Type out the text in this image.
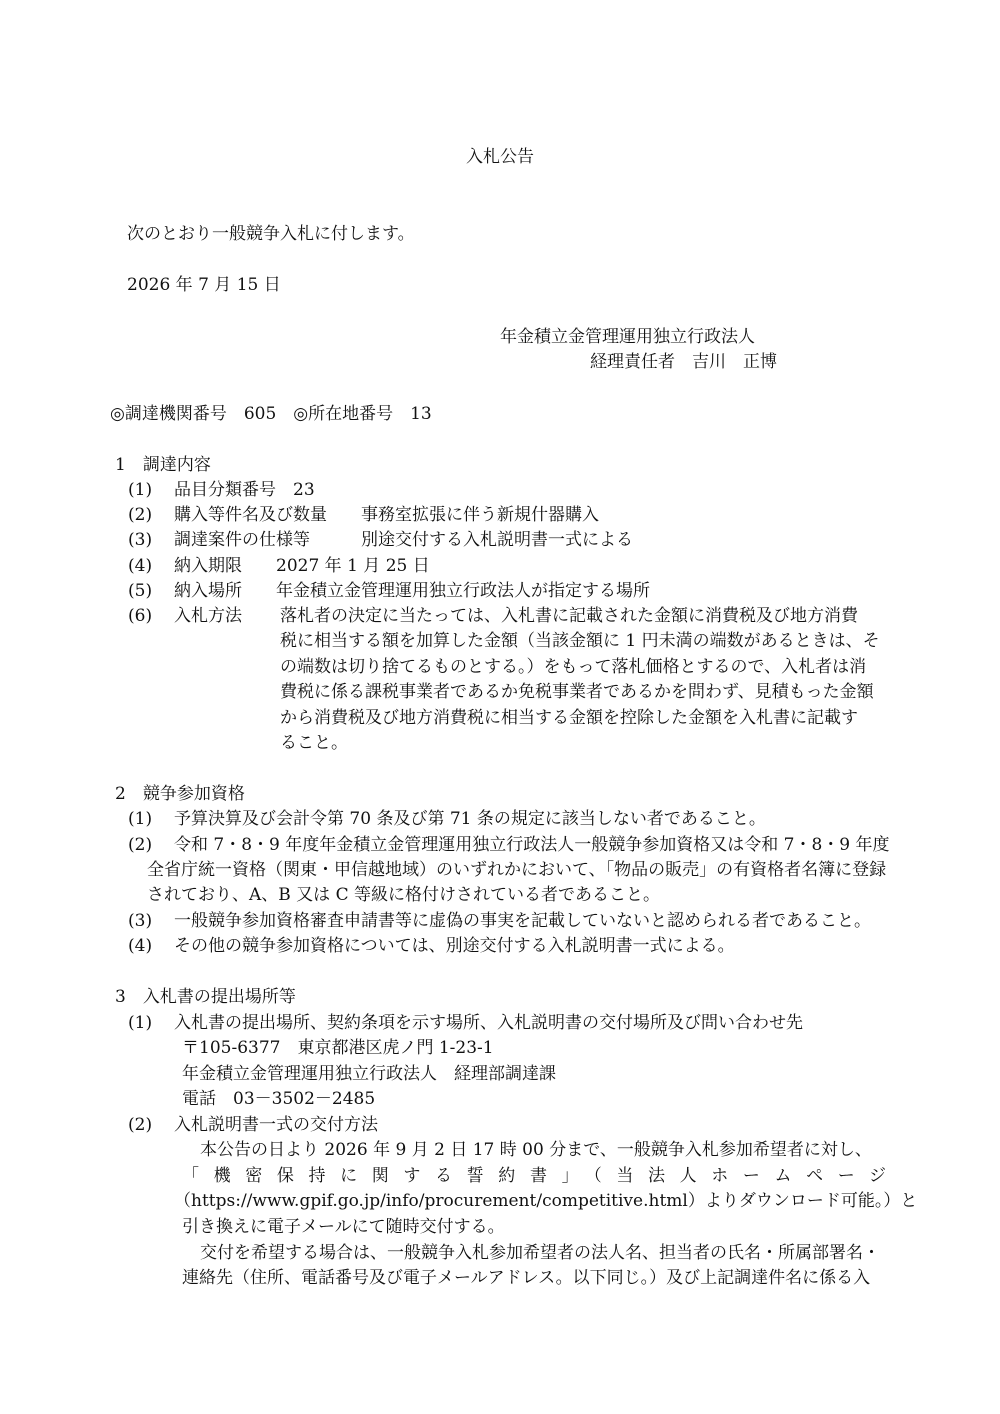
入札公告
次のとおり一般競争入札に付します。
2026 年 7 月 15 日
年金積立金管理運用独立行政法人
経理責任者　吉川　正博
◎調達機関番号　605　◎所在地番号　13
1　調達内容
(1) 品目分類番号　23
(2) 購入等件名及び数量　　事務室拡張に伴う新規什器購入
(3) 調達案件の仕様等　　　別途交付する入札説明書一式による
(4) 納入期限　　2027 年 1 月 25 日
(5) 納入場所　　年金積立金管理運用独立行政法人が指定する場所
(6) 入札方法 落札者の決定に当たっては、入札書に記載された金額に消費税及び地方消費
税に相当する額を加算した金額（当該金額に 1 円未満の端数があるときは、そ
の端数は切り捨てるものとする。）をもって落札価格とするので、入札者は消
費税に係る課税事業者であるか免税事業者であるかを問わず、見積もった金額
から消費税及び地方消費税に相当する金額を控除した金額を入札書に記載す
ること。
2　競争参加資格
(1) 予算決算及び会計令第 70 条及び第 71 条の規定に該当しない者であること。
(2) 令和 7・8・9 年度年金積立金管理運用独立行政法人一般競争参加資格又は令和 7・8・9 年度
全省庁統一資格（関東・甲信越地域）のいずれかにおいて、「物品の販売」の有資格者名簿に登録
されており、A、B 又は C 等級に格付けされている者であること。
(3) 一般競争参加資格審査申請書等に虚偽の事実を記載していないと認められる者であること。
(4) その他の競争参加資格については、別途交付する入札説明書一式による。
3　入札書の提出場所等
(1) 入札書の提出場所、契約条項を示す場所、入札説明書の交付場所及び問い合わせ先
〒105-6377　東京都港区虎ノ門 1-23-1
年金積立金管理運用独立行政法人　経理部調達課
電話　03－3502－2485
(2) 入札説明書一式の交付方法
本公告の日より 2026 年 9 月 2 日 17 時 00 分まで、一般競争入札参加希望者に対し、
「機密保持に関する誓約書」（当法人ホームページ
（https://www.gpif.go.jp/info/procurement/competitive.html）よりダウンロード可能。）と
引き換えに電子メールにて随時交付する。
交付を希望する場合は、一般競争入札参加希望者の法人名、担当者の氏名・所属部署名・
連絡先（住所、電話番号及び電子メールアドレス。以下同じ。）及び上記調達件名に係る入
